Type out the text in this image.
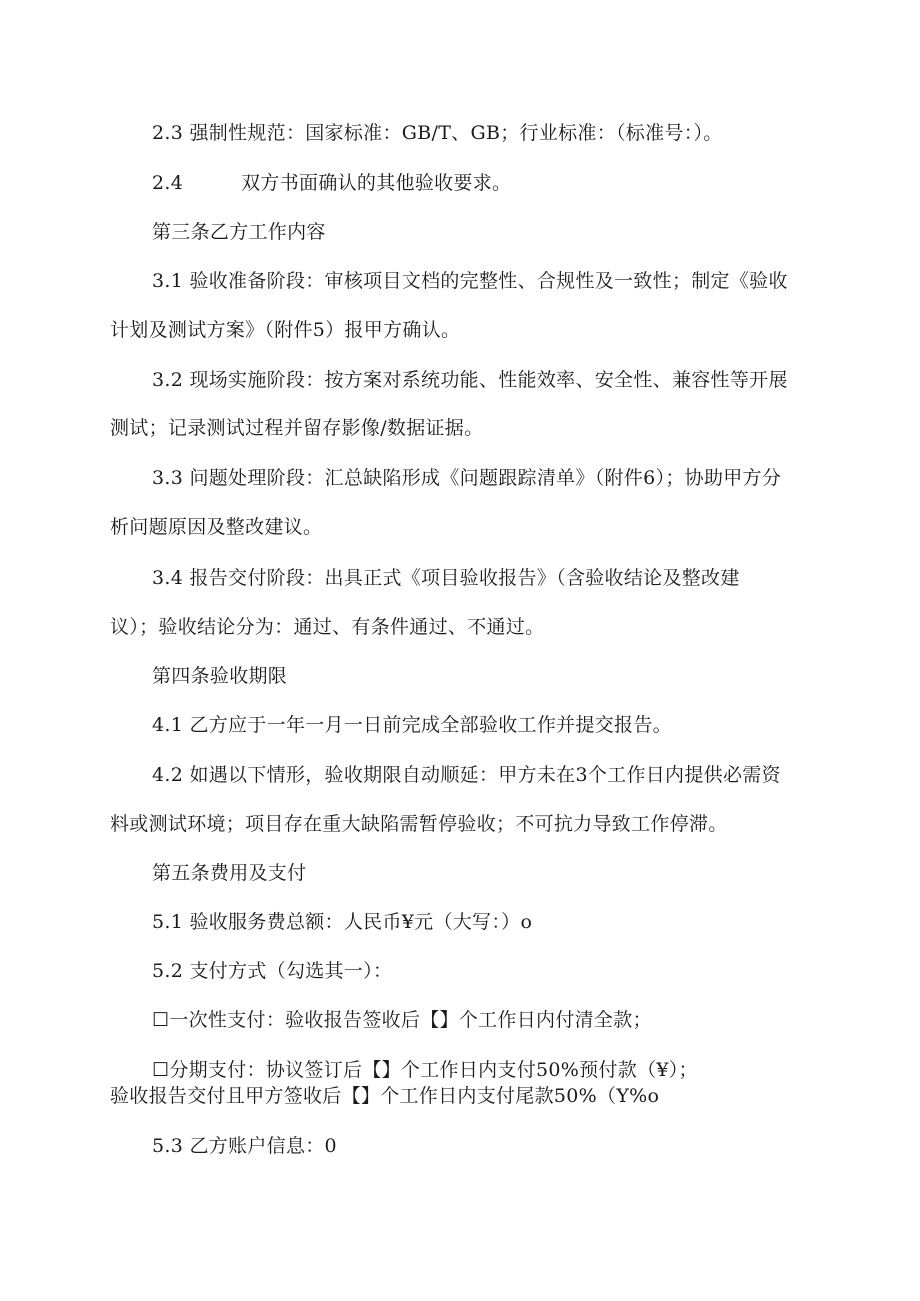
2.3 强制性规范：国家标准：GB/T、GB；行业标准：（标准号：）。
2.4	双方书面确认的其他验收要求。
第三条乙方工作内容
3.1 验收准备阶段：审核项目文档的完整性、合规性及一致性；制定《验收
计划及测试方案》（附件5）报甲方确认。
3.2 现场实施阶段：按方案对系统功能、性能效率、安全性、兼容性等开展
测试；记录测试过程并留存影像/数据证据。
3.3 问题处理阶段：汇总缺陷形成《问题跟踪清单》（附件6）；协助甲方分
析问题原因及整改建议。
3.4 报告交付阶段：出具正式《项目验收报告》（含验收结论及整改建
议）；验收结论分为：通过、有条件通过、不通过。
第四条验收期限
4.1 乙方应于一年一月一日前完成全部验收工作并提交报告。
4.2 如遇以下情形，验收期限自动顺延：甲方未在3个工作日内提供必需资
料或测试环境；项目存在重大缺陷需暂停验收；不可抗力导致工作停滞。
第五条费用及支付
5.1 验收服务费总额：人民币¥元（大写：）o
5.2 支付方式（勾选其一）：
☐一次性支付：验收报告签收后【】个工作日内付清全款；
☐分期支付：协议签订后【】个工作日内支付50%预付款（¥）；
验收报告交付且甲方签收后【】个工作日内支付尾款50%（Y%o
5.3 乙方账户信息：0
